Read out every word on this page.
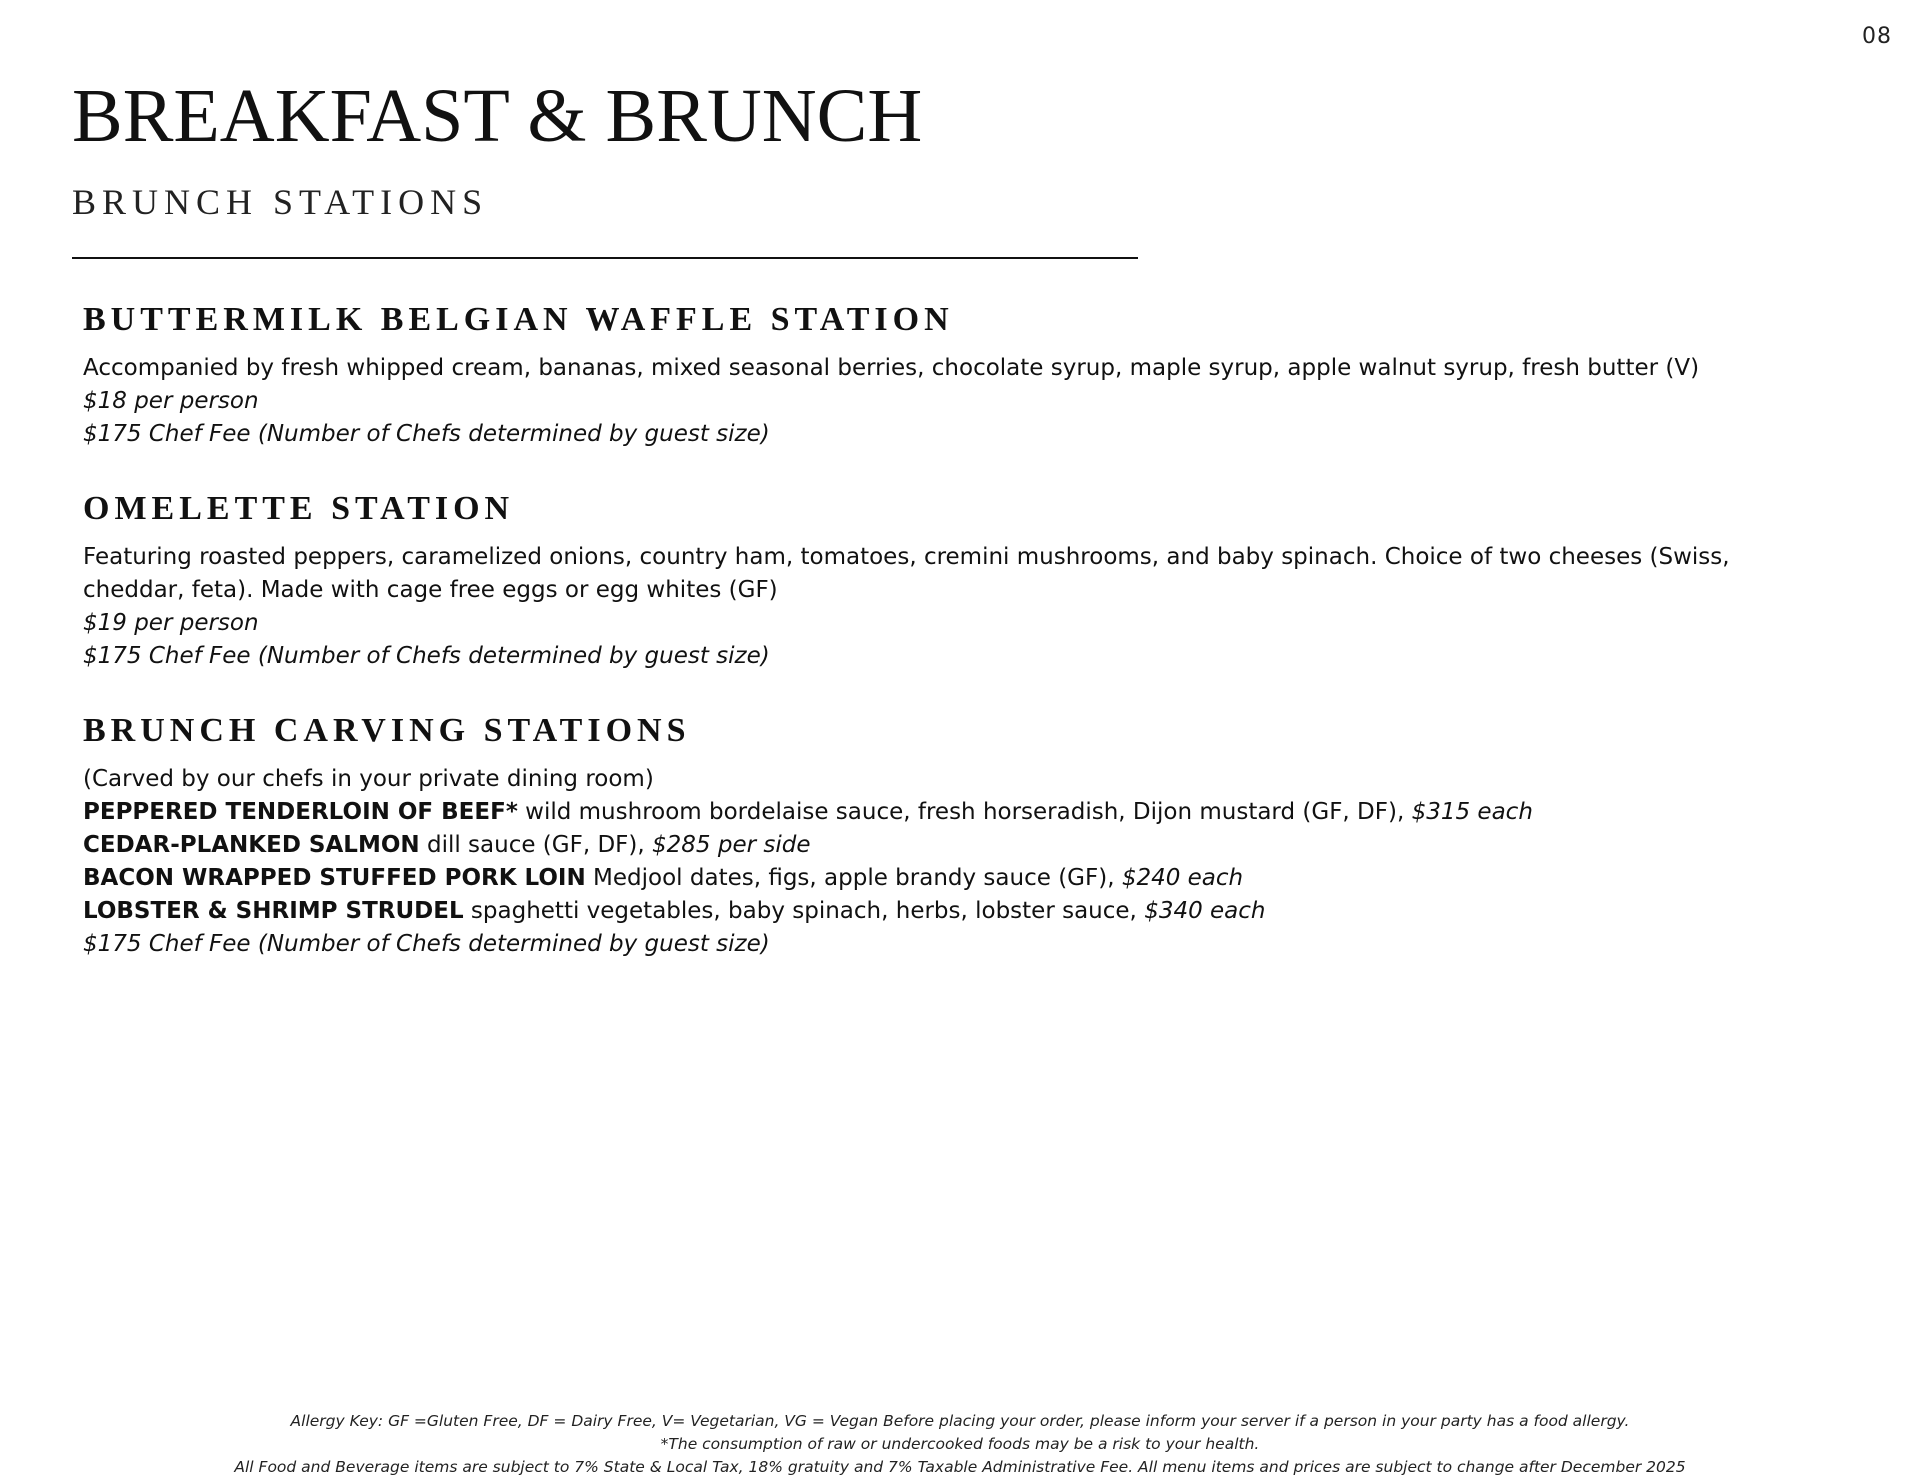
08
BREAKFAST & BRUNCH
BRUNCH STATIONS
BUTTERMILK BELGIAN WAFFLE STATION

Accompanied by fresh whipped cream, bananas, mixed seasonal berries, chocolate syrup, maple syrup, apple walnut syrup, fresh butter (V)

$18 per person

$175 Chef Fee (Number of Chefs determined by guest size)

OMELETTE STATION

Featuring roasted peppers, caramelized onions, country ham, tomatoes, cremini mushrooms, and baby spinach. Choice of two cheeses (Swiss,

cheddar, feta). Made with cage free eggs or egg whites (GF)

$19 per person

$175 Chef Fee (Number of Chefs determined by guest size)

BRUNCH CARVING STATIONS

(Carved by our chefs in your private dining room)

PEPPERED TENDERLOIN OF BEEF* wild mushroom bordelaise sauce, fresh horseradish, Dijon mustard (GF, DF), $315 each

CEDAR-PLANKED SALMON dill sauce (GF, DF), $285 per side

BACON WRAPPED STUFFED PORK LOIN Medjool dates, figs, apple brandy sauce (GF), $240 each

LOBSTER & SHRIMP STRUDEL spaghetti vegetables, baby spinach, herbs, lobster sauce, $340 each

$175 Chef Fee (Number of Chefs determined by guest size)

Allergy Key: GF =Gluten Free, DF = Dairy Free, V= Vegetarian, VG = Vegan Before placing your order, please inform your server if a person in your party has a food allergy.
*The consumption of raw or undercooked foods may be a risk to your health.
All Food and Beverage items are subject to 7% State & Local Tax, 18% gratuity and 7% Taxable Administrative Fee. All menu items and prices are subject to change after December 2025
